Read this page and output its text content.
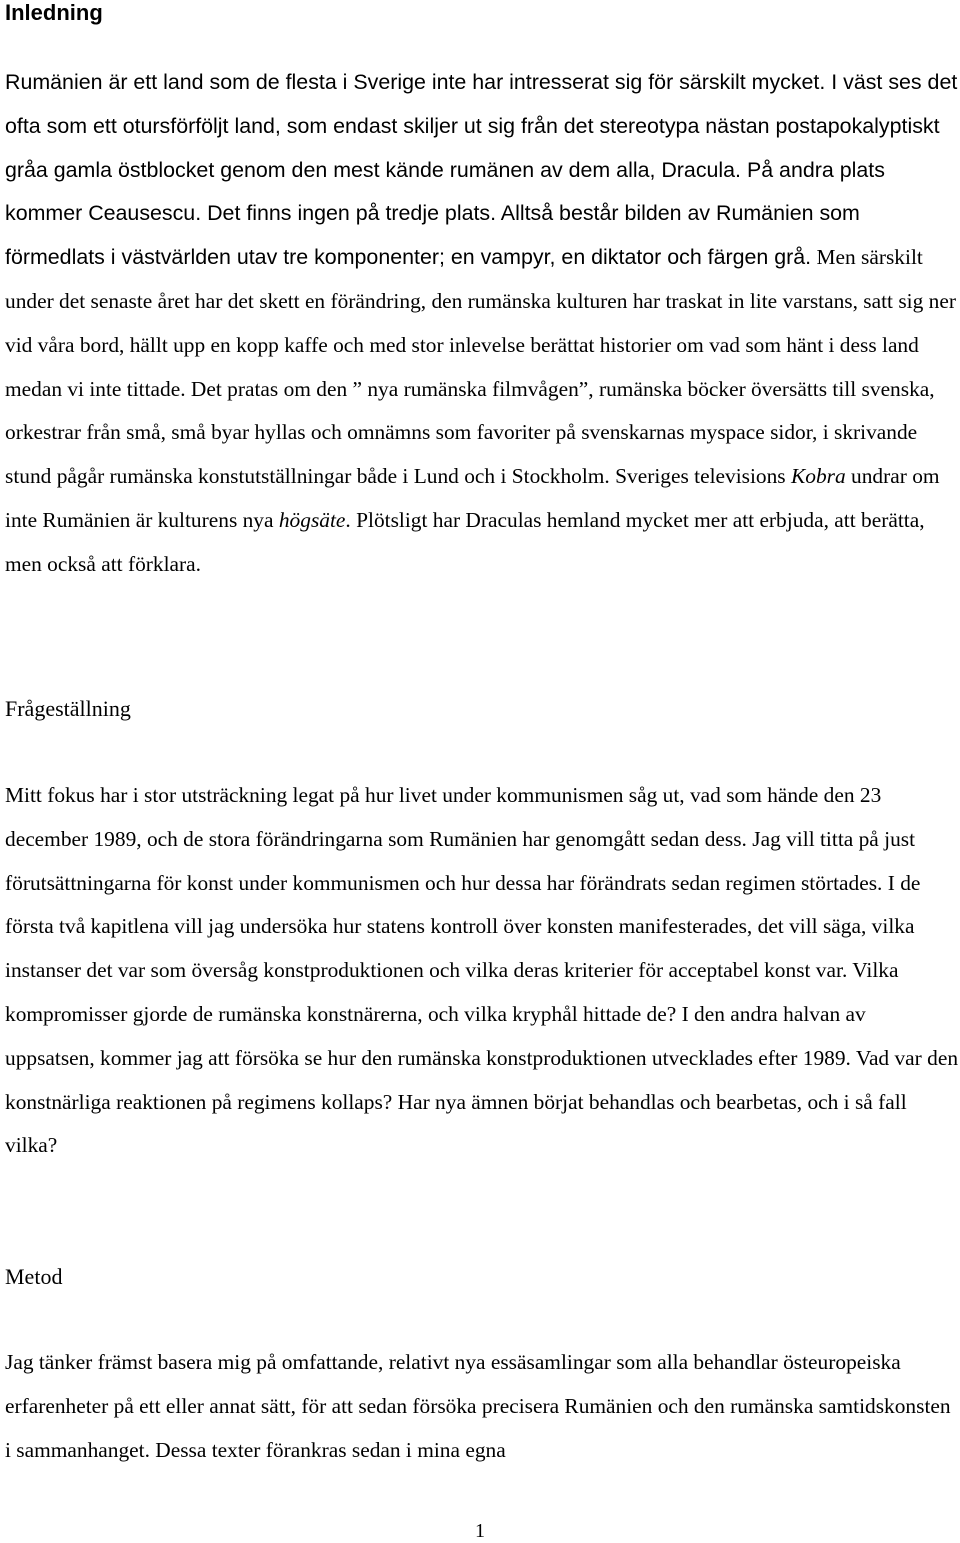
Inledning

Rumänien är ett land som de flesta i Sverige inte har intresserat sig för särskilt mycket. I väst ses det ofta som ett otursförföljt land, som endast skiljer ut sig från det stereotypa nästan postapokalyptiskt gråa gamla östblocket genom den mest kände rumänen av dem alla, Dracula. På andra plats kommer Ceausescu. Det finns ingen på tredje plats. Alltså består bilden av Rumänien som förmedlats i västvärlden utav tre komponenter; en vampyr, en diktator och färgen grå. Men särskilt under det senaste året har det skett en förändring, den rumänska kulturen har traskat in lite varstans, satt sig ner vid våra bord, hällt upp en kopp kaffe och med stor inlevelse berättat historier om vad som hänt i dess land medan vi inte tittade. Det pratas om den ” nya rumänska filmvågen”, rumänska böcker översätts till svenska, orkestrar från små, små byar hyllas och omnämns som favoriter på svenskarnas myspace sidor, i skrivande stund pågår rumänska konstutställningar både i Lund och i Stockholm. Sveriges televisions Kobra undrar om inte Rumänien är kulturens nya högsäte. Plötsligt har Draculas hemland mycket mer att erbjuda, att berätta, men också att förklara.

Frågeställning

Mitt fokus har i stor utsträckning legat på hur livet under kommunismen såg ut, vad som hände den 23 december 1989, och de stora förändringarna som Rumänien har genomgått sedan dess. Jag vill titta på just förutsättningarna för konst under kommunismen och hur dessa har förändrats sedan regimen störtades. I de första två kapitlena vill jag undersöka hur statens kontroll över konsten manifesterades, det vill säga, vilka instanser det var som översåg konstproduktionen och vilka deras kriterier för acceptabel konst var. Vilka kompromisser gjorde de rumänska konstnärerna, och vilka kryphål hittade de? I den andra halvan av uppsatsen, kommer jag att försöka se hur den rumänska konstproduktionen utvecklades efter 1989. Vad var den konstnärliga reaktionen på regimens kollaps? Har nya ämnen börjat behandlas och bearbetas, och i så fall vilka?

Metod

Jag tänker främst basera mig på omfattande, relativt nya essäsamlingar som alla behandlar östeuropeiska erfarenheter på ett eller annat sätt, för att sedan försöka precisera Rumänien och den rumänska samtidskonsten i sammanhanget. Dessa texter förankras sedan i mina egna

1
